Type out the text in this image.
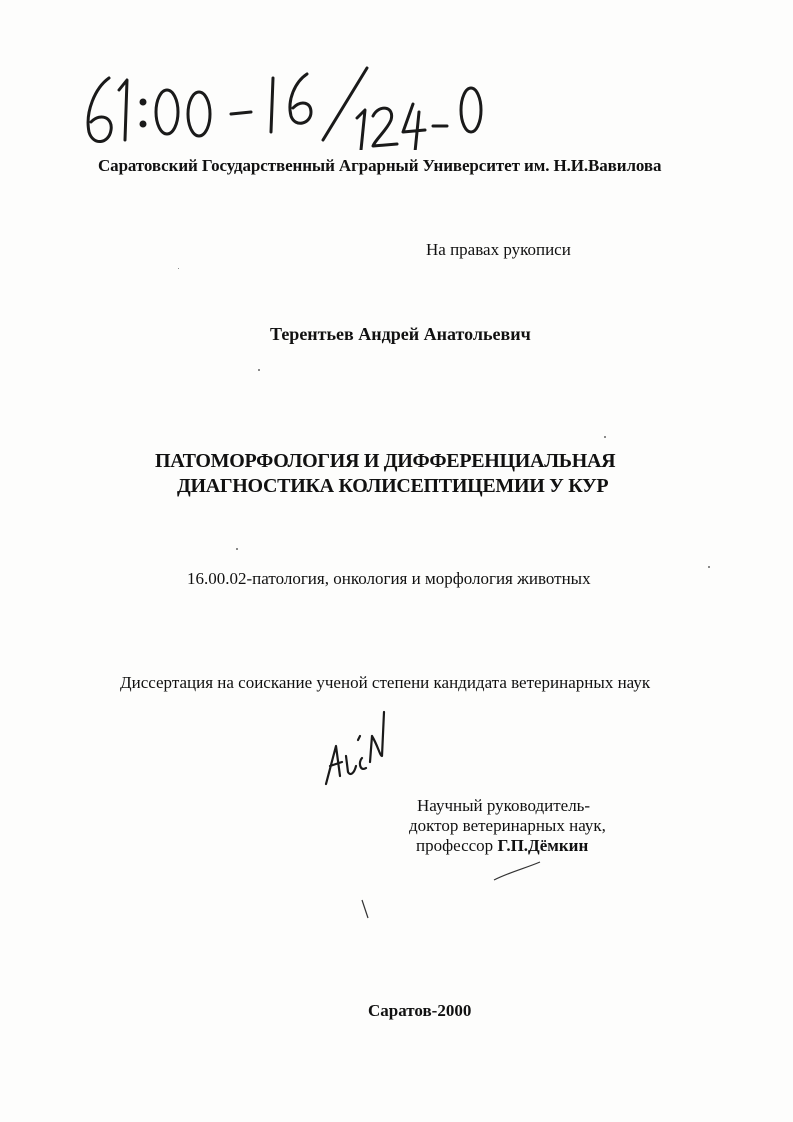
Саратовский Государственный Аграрный Университет им. Н.И.Вавилова
На правах рукописи
Терентьев Андрей Анатольевич
ПАТОМОРФОЛОГИЯ И ДИФФЕРЕНЦИАЛЬНАЯ
ДИАГНОСТИКА КОЛИСЕПТИЦЕМИИ У КУР
16.00.02-патология, онкология и морфология животных
Диссертация на соискание ученой степени кандидата ветеринарных наук
Научный руководитель-
доктор ветеринарных наук,
профессор Г.П.Дёмкин
Саратов-2000
